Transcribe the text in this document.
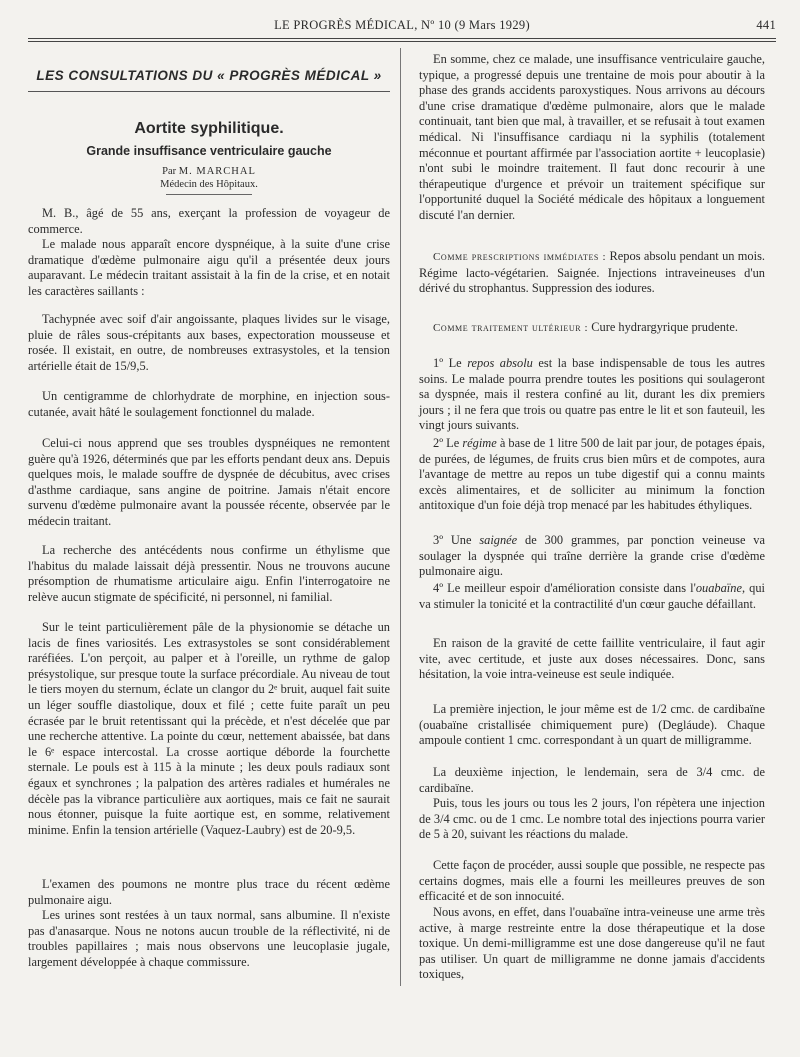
LE PROGRÈS MÉDICAL, Nº 10 (9 Mars 1929)	441
LES CONSULTATIONS DU « PROGRÈS MÉDICAL »
Aortite syphilitique.
Grande insuffisance ventriculaire gauche
Par M. MARCHAL
Médecin des Hôpitaux.

M. B., âgé de 55 ans, exerçant la profession de voyageur de commerce.

Le malade nous apparaît encore dyspnéique, à la suite d'une crise dramatique d'œdème pulmonaire aigu qu'il a présentée deux jours auparavant. Le médecin traitant assistait à la fin de la crise, et en notait les caractères saillants :

Tachypnée avec soif d'air angoissante, plaques livides sur le visage, pluie de râles sous-crépitants aux bases, expectoration mousseuse et rosée. Il existait, en outre, de nombreuses extrasystoles, et la tension artérielle était de 15/9,5.

Un centigramme de chlorhydrate de morphine, en injection sous-cutanée, avait hâté le soulagement fonctionnel du malade.

Celui-ci nous apprend que ses troubles dyspnéiques ne remontent guère qu'à 1926, déterminés que par les efforts pendant deux ans. Depuis quelques mois, le malade souffre de dyspnée de décubitus, avec crises d'asthme cardiaque, sans angine de poitrine. Jamais n'était encore survenu d'œdème pulmonaire avant la poussée récente, observée par le médecin traitant.

La recherche des antécédents nous confirme un éthylisme que l'habitus du malade laissait déjà pressentir. Nous ne trouvons aucune présomption de rhumatisme articulaire aigu. Enfin l'interrogatoire ne relève aucun stigmate de spécificité, ni personnel, ni familial.

Sur le teint particulièrement pâle de la physionomie se détache un lacis de fines variosités. Les extrasystoles se sont considérablement raréfiées. L'on perçoit, au palper et à l'oreille, un rythme de galop présystolique, sur presque toute la surface précordiale. Au niveau de tout le tiers moyen du sternum, éclate un clangor du 2ᵉ bruit, auquel fait suite un léger souffle diastolique, doux et filé ; cette fuite paraît un peu écrasée par le bruit retentissant qui la précède, et n'est décelée que par une recherche attentive. La pointe du cœur, nettement abaissée, bat dans le 6ᵉ espace intercostal. La crosse aortique déborde la fourchette sternale. Le pouls est à 115 à la minute ; les deux pouls radiaux sont égaux et synchrones ; la palpation des artères radiales et humérales ne décèle pas la vibrance particulière aux aortiques, mais ce fait ne saurait nous étonner, puisque la fuite aortique est, en somme, relativement minime. Enfin la tension artérielle (Vaquez-Laubry) est de 20-9,5.

L'examen des poumons ne montre plus trace du récent œdème pulmonaire aigu.

Les urines sont restées à un taux normal, sans albumine. Il n'existe pas d'anasarque. Nous ne notons aucun trouble de la réflectivité, ni de troubles papillaires ; mais nous observons une leucoplasie jugale, largement développée à chaque commissure.

En somme, chez ce malade, une insuffisance ventriculaire gauche, typique, a progressé depuis une trentaine de mois pour aboutir à la phase des grands accidents paroxystiques. Nous arrivons au décours d'une crise dramatique d'œdème pulmonaire, alors que le malade continuait, tant bien que mal, à travailler, et se refusait à tout examen médical. Ni l'insuffisance cardiaqu ni la syphilis (totalement méconnue et pourtant affirmée par l'association aortite + leucoplasie) n'ont subi le moindre traitement. Il faut donc recourir à une thérapeutique d'urgence et prévoir un traitement spécifique sur l'opportunité duquel la Société médicale des hôpitaux a longuement discuté l'an dernier.

Comme prescriptions immédiates : Repos absolu pendant un mois. Régime lacto-végétarien. Saignée. Injections intraveineuses d'un dérivé du strophantus. Suppression des iodures.

Comme traitement ultérieur : Cure hydrargyrique prudente.

1º Le repos absolu est la base indispensable de tous les autres soins. Le malade pourra prendre toutes les positions qui soulageront sa dyspnée, mais il restera confiné au lit, durant les dix premiers jours ; il ne fera que trois ou quatre pas entre le lit et son fauteuil, les vingt jours suivants.

2º Le régime à base de 1 litre 500 de lait par jour, de potages épais, de purées, de légumes, de fruits crus bien mûrs et de compotes, aura l'avantage de mettre au repos un tube digestif qui a connu maints excès alimentaires, et de solliciter au minimum la fonction antitoxique d'un foie déjà trop menacé par les habitudes éthyliques.

3º Une saignée de 300 grammes, par ponction veineuse va soulager la dyspnée qui traîne derrière la grande crise d'œdème pulmonaire aigu.

4º Le meilleur espoir d'amélioration consiste dans l'ouabaïne, qui va stimuler la tonicité et la contractilité d'un cœur gauche défaillant.

En raison de la gravité de cette faillite ventriculaire, il faut agir vite, avec certitude, et juste aux doses nécessaires. Donc, sans hésitation, la voie intra-veineuse est seule indiquée.

La première injection, le jour même est de 1/2 cmc. de cardibaïne (ouabaïne cristallisée chimiquement pure) (Degláude). Chaque ampoule contient 1 cmc. correspondant à un quart de milligramme.

La deuxième injection, le lendemain, sera de 3/4 cmc. de cardibaïne.

Puis, tous les jours ou tous les 2 jours, l'on répètera une injection de 3/4 cmc. ou de 1 cmc. Le nombre total des injections pourra varier de 5 à 20, suivant les réactions du malade.

Cette façon de procéder, aussi souple que possible, ne respecte pas certains dogmes, mais elle a fourni les meilleures preuves de son efficacité et de son innocuité.

Nous avons, en effet, dans l'ouabaïne intra-veineuse une arme très active, à marge restreinte entre la dose thérapeutique et la dose toxique. Un demi-milligramme est une dose dangereuse qu'il ne faut pas utiliser. Un quart de milligramme ne donne jamais d'accidents toxiques,
